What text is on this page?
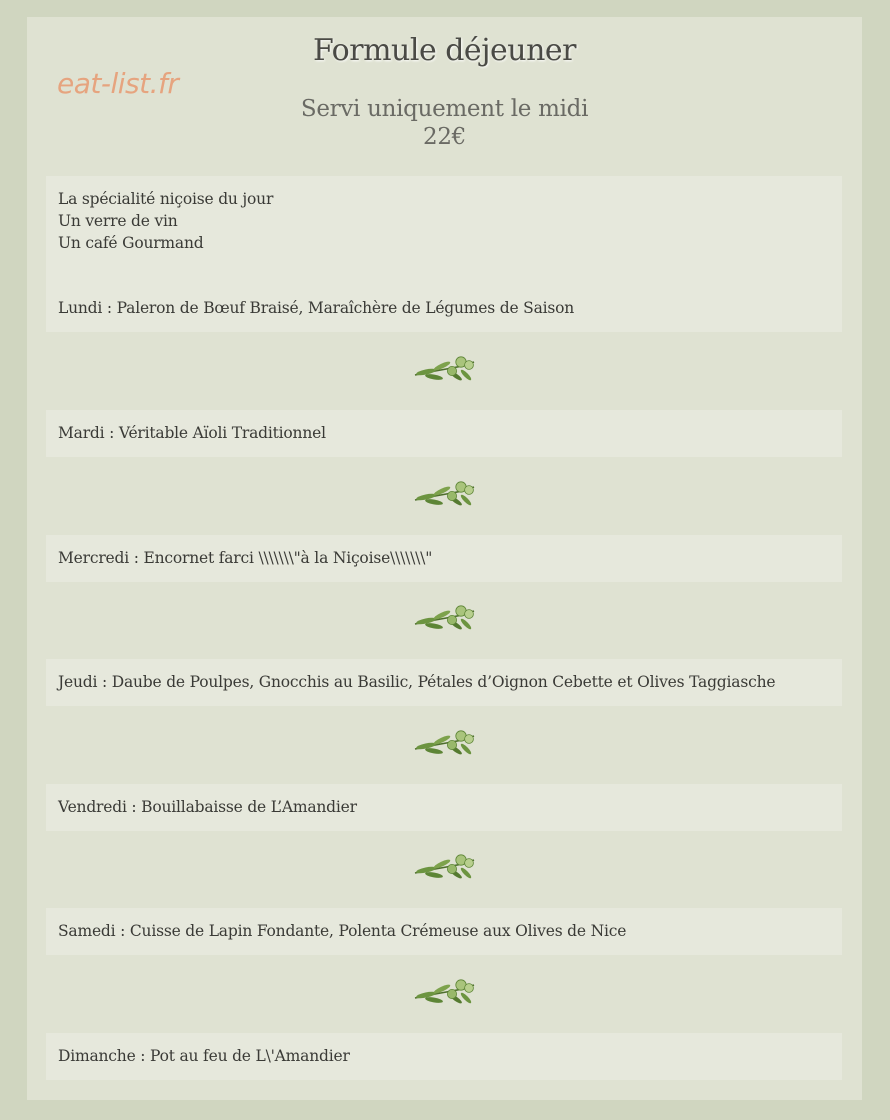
eat-list.fr
Formule déjeuner
Servi uniquement le midi
22€
La spécialité niçoise du jour
Un verre de vin
Un café Gourmand
Lundi : Paleron de Bœuf Braisé, Maraîchère de Légumes de Saison
Mardi : Véritable Aïoli Traditionnel
Mercredi : Encornet farci \\\\\\\"à la Niçoise\\\\\\\"
Jeudi : Daube de Poulpes, Gnocchis au Basilic, Pétales d’Oignon Cebette et Olives Taggiasche
Vendredi : Bouillabaisse de L’Amandier
Samedi : Cuisse de Lapin Fondante, Polenta Crémeuse aux Olives de Nice
Dimanche : Pot au feu de L\'Amandier
